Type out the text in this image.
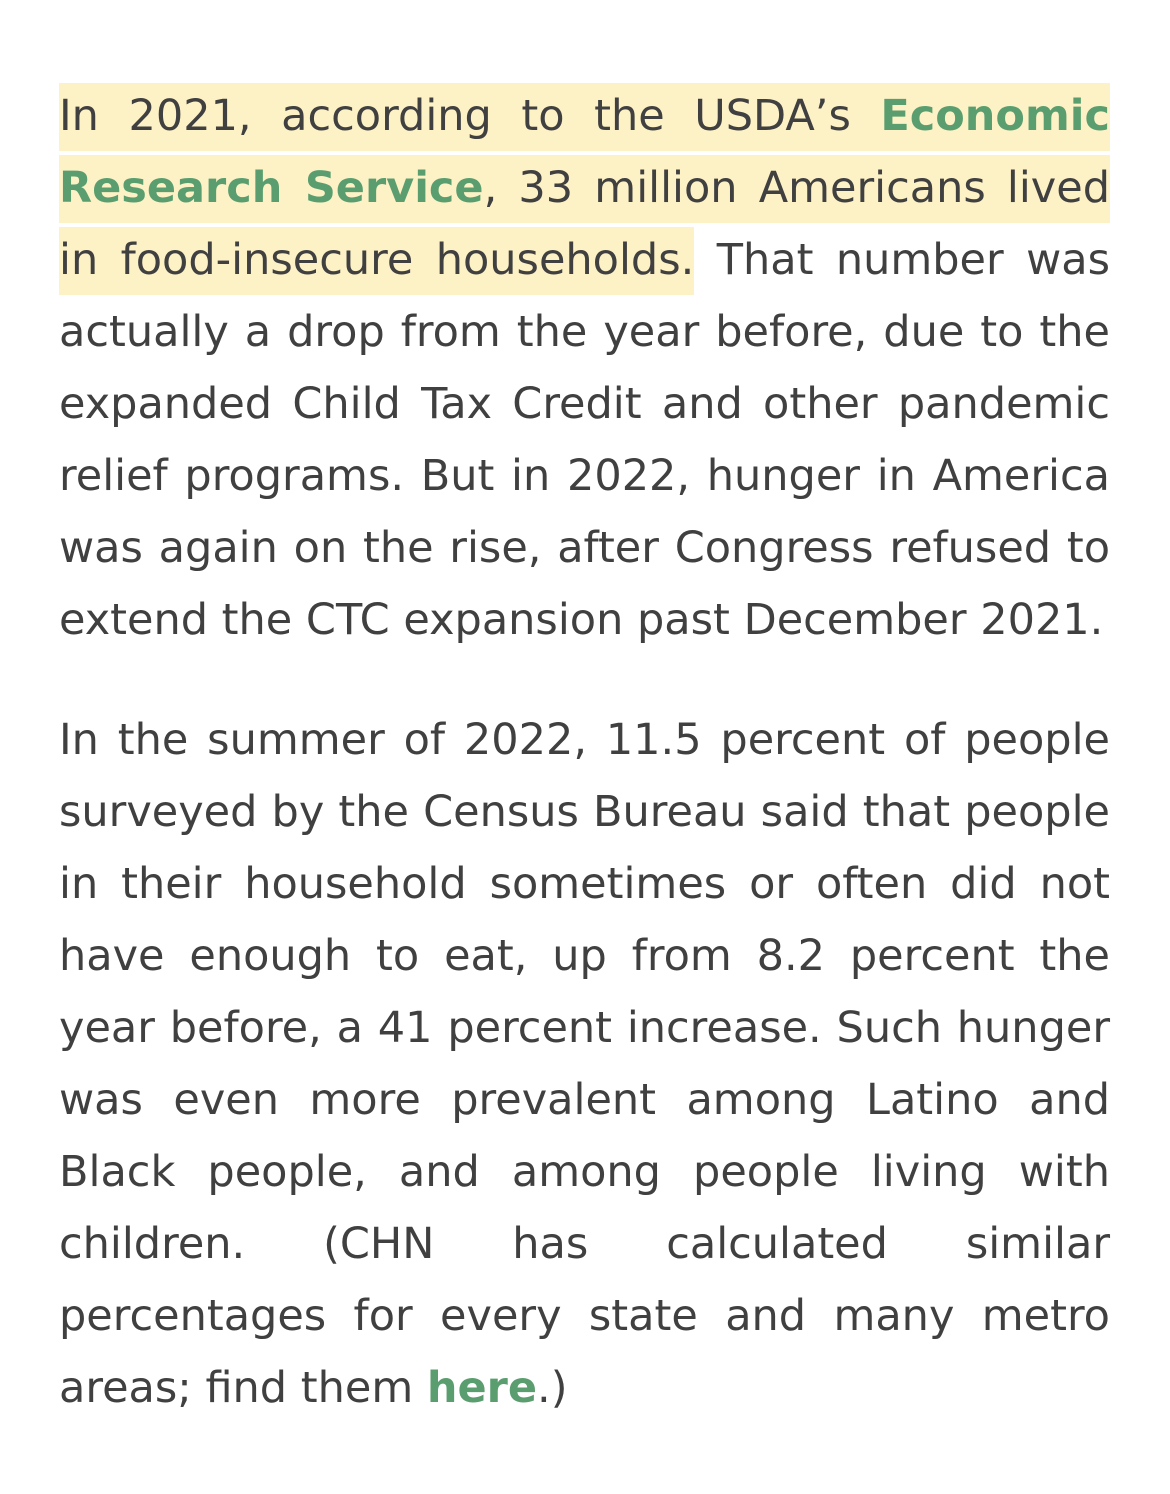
In 2021, according to the USDA’s Economic Research Service, 33 million Americans lived in food-insecure households. That number was actually a drop from the year before, due to the expanded Child Tax Credit and other pandemic relief programs. But in 2022, hunger in America was again on the rise, after Congress refused to extend the CTC expansion past December 2021.

In the summer of 2022, 11.5 percent of people surveyed by the Census Bureau said that people in their household sometimes or often did not have enough to eat, up from 8.2 percent the year before, a 41 percent increase. Such hunger was even more prevalent among Latino and Black people, and among people living with children. (CHN has calculated similar percentages for every state and many metro areas; find them here.)
